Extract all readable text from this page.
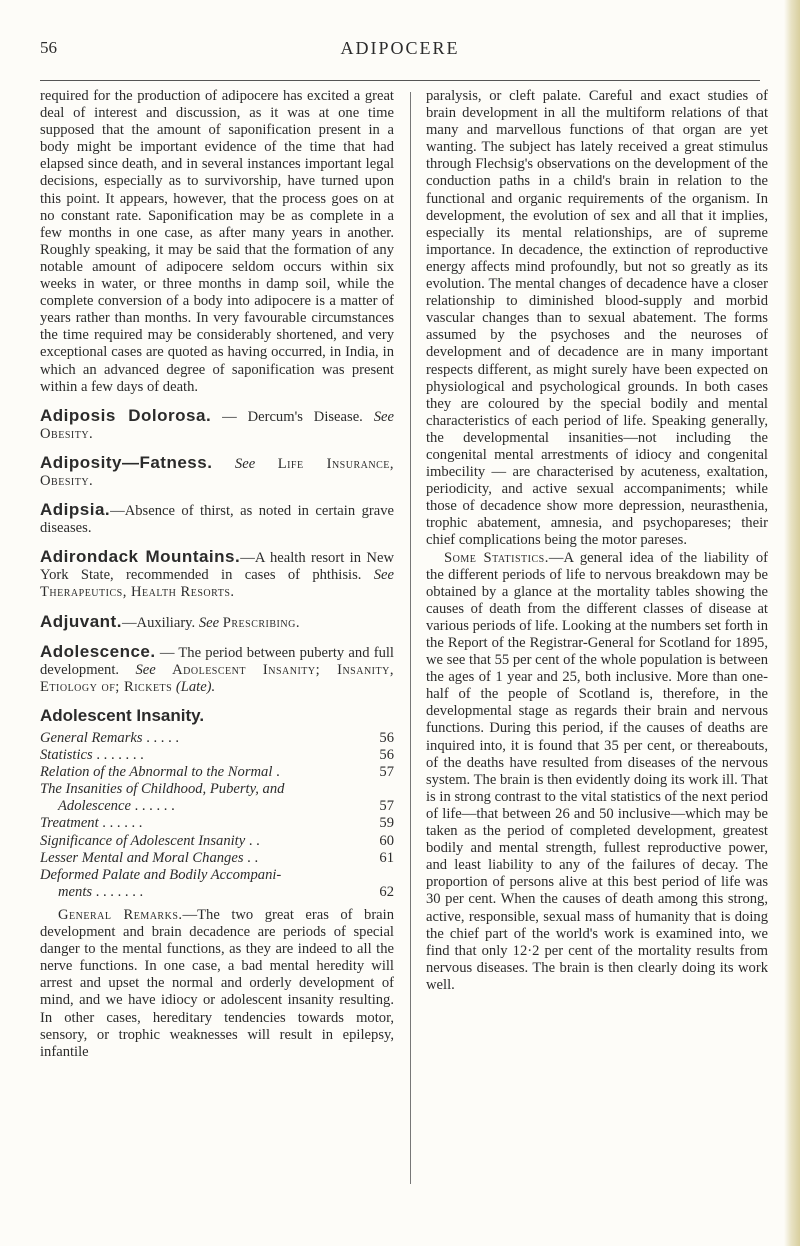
56	ADIPOCERE

required for the production of adipocere has excited a great deal of interest and discussion, as it was at one time supposed that the amount of saponification present in a body might be important evidence of the time that had elapsed since death, and in several instances important legal decisions, especially as to survivorship, have turned upon this point. It appears, however, that the process goes on at no constant rate. Saponification may be as complete in a few months in one case, as after many years in another. Roughly speaking, it may be said that the formation of any notable amount of adipocere seldom occurs within six weeks in water, or three months in damp soil, while the complete conversion of a body into adipocere is a matter of years rather than months. In very favourable circumstances the time required may be considerably shortened, and very exceptional cases are quoted as having occurred, in India, in which an advanced degree of saponification was present within a few days of death.

Adiposis Dolorosa. — Dercum's Disease. See Obesity.

Adiposity—Fatness. See Life Insurance, Obesity.

Adipsia.—Absence of thirst, as noted in certain grave diseases.

Adirondack Mountains.—A health resort in New York State, recommended in cases of phthisis. See Therapeutics, Health Resorts.

Adjuvant.—Auxiliary. See Prescribing.

Adolescence. — The period between puberty and full development. See Adolescent Insanity; Insanity, Etiology of; Rickets (Late).

Adolescent Insanity.
General Remarks . . . . .	56
Statistics . . . . . . .	56
Relation of the Abnormal to the Normal .	57
The Insanities of Childhood, Puberty, and
Adolescence . . . . . .	57
Treatment . . . . . .	59
Significance of Adolescent Insanity . .	60
Lesser Mental and Moral Changes . .	61
Deformed Palate and Bodily Accompani-
ments . . . . . . .	62

General Remarks.—The two great eras of brain development and brain decadence are periods of special danger to the mental functions, as they are indeed to all the nerve functions. In one case, a bad mental heredity will arrest and upset the normal and orderly development of mind, and we have idiocy or adolescent insanity resulting. In other cases, hereditary tendencies towards motor, sensory, or trophic weaknesses will result in epilepsy, infantile

paralysis, or cleft palate. Careful and exact studies of brain development in all the multiform relations of that many and marvellous functions of that organ are yet wanting. The subject has lately received a great stimulus through Flechsig's observations on the development of the conduction paths in a child's brain in relation to the functional and organic requirements of the organism. In development, the evolution of sex and all that it implies, especially its mental relationships, are of supreme importance. In decadence, the extinction of reproductive energy affects mind profoundly, but not so greatly as its evolution. The mental changes of decadence have a closer relationship to diminished blood-supply and morbid vascular changes than to sexual abatement. The forms assumed by the psychoses and the neuroses of development and of decadence are in many important respects different, as might surely have been expected on physiological and psychological grounds. In both cases they are coloured by the special bodily and mental characteristics of each period of life. Speaking generally, the developmental insanities—not including the congenital mental arrestments of idiocy and congenital imbecility — are characterised by acuteness, exaltation, periodicity, and active sexual accompaniments; while those of decadence show more depression, neurasthenia, trophic abatement, amnesia, and psychopareses; their chief complications being the motor pareses.

Some Statistics.—A general idea of the liability of the different periods of life to nervous breakdown may be obtained by a glance at the mortality tables showing the causes of death from the different classes of disease at various periods of life. Looking at the numbers set forth in the Report of the Registrar-General for Scotland for 1895, we see that 55 per cent of the whole population is between the ages of 1 year and 25, both inclusive. More than one-half of the people of Scotland is, therefore, in the developmental stage as regards their brain and nervous functions. During this period, if the causes of deaths are inquired into, it is found that 35 per cent, or thereabouts, of the deaths have resulted from diseases of the nervous system. The brain is then evidently doing its work ill. That is in strong contrast to the vital statistics of the next period of life—that between 26 and 50 inclusive—which may be taken as the period of completed development, greatest bodily and mental strength, fullest reproductive power, and least liability to any of the failures of decay. The proportion of persons alive at this best period of life was 30 per cent. When the causes of death among this strong, active, responsible, sexual mass of humanity that is doing the chief part of the world's work is examined into, we find that only 12·2 per cent of the mortality results from nervous diseases. The brain is then clearly doing its work well.
